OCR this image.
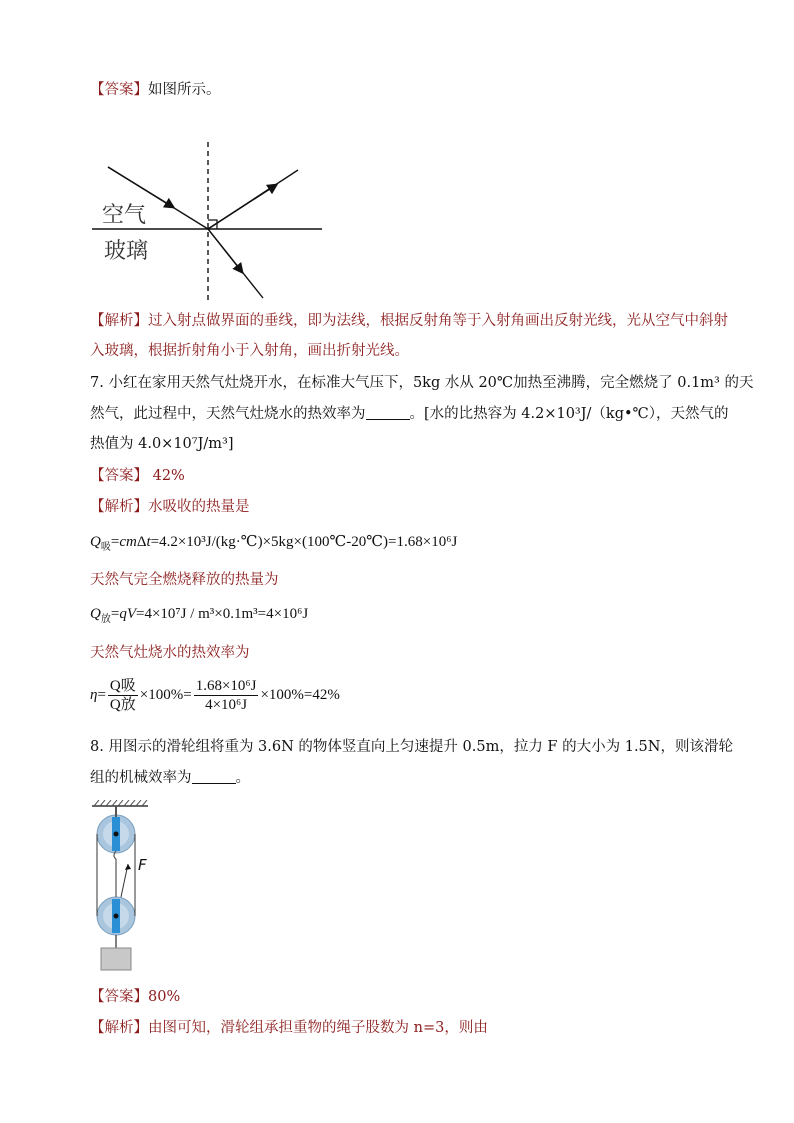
【答案】如图所示。
空气
玻璃
【解析】过入射点做界面的垂线，即为法线，根据反射角等于入射角画出反射光线，光从空气中斜射
入玻璃，根据折射角小于入射角，画出折射光线。
7. 小红在家用天然气灶烧开水，在标准大气压下，5kg 水从 20℃加热至沸腾，完全燃烧了 0.1m³ 的天
然气，此过程中，天然气灶烧水的热效率为	。[水的比热容为 4.2×10³J/（kg•℃），天然气的
热值为 4.0×10⁷J/m³]
【答案】 42%
【解析】水吸收的热量是
$Q_吸=cm\Delta t=4.2\times 10^3J/(kg\cdot℃)\times 5kg\times(100℃-20℃)=1.68\times 10^6J$
天然气完全燃烧释放的热量为
$Q_放=qV=4\times 10^7J / m^3\times 0.1m^3=4\times 10^6J$
天然气灶烧水的热效率为
$\eta= \frac{\text{Q吸}}{\text{Q放}} \times 100\%= \frac{\text{1.68×10⁶J}}{\text{4×10⁶J}} \times 100\%=42\%$
8. 用图示的滑轮组将重为 3.6N 的物体竖直向上匀速提升 0.5m，拉力 F 的大小为 1.5N，则该滑轮
组的机械效率为	。
F
【答案】80%
【解析】由图可知，滑轮组承担重物的绳子股数为 n=3，则由
